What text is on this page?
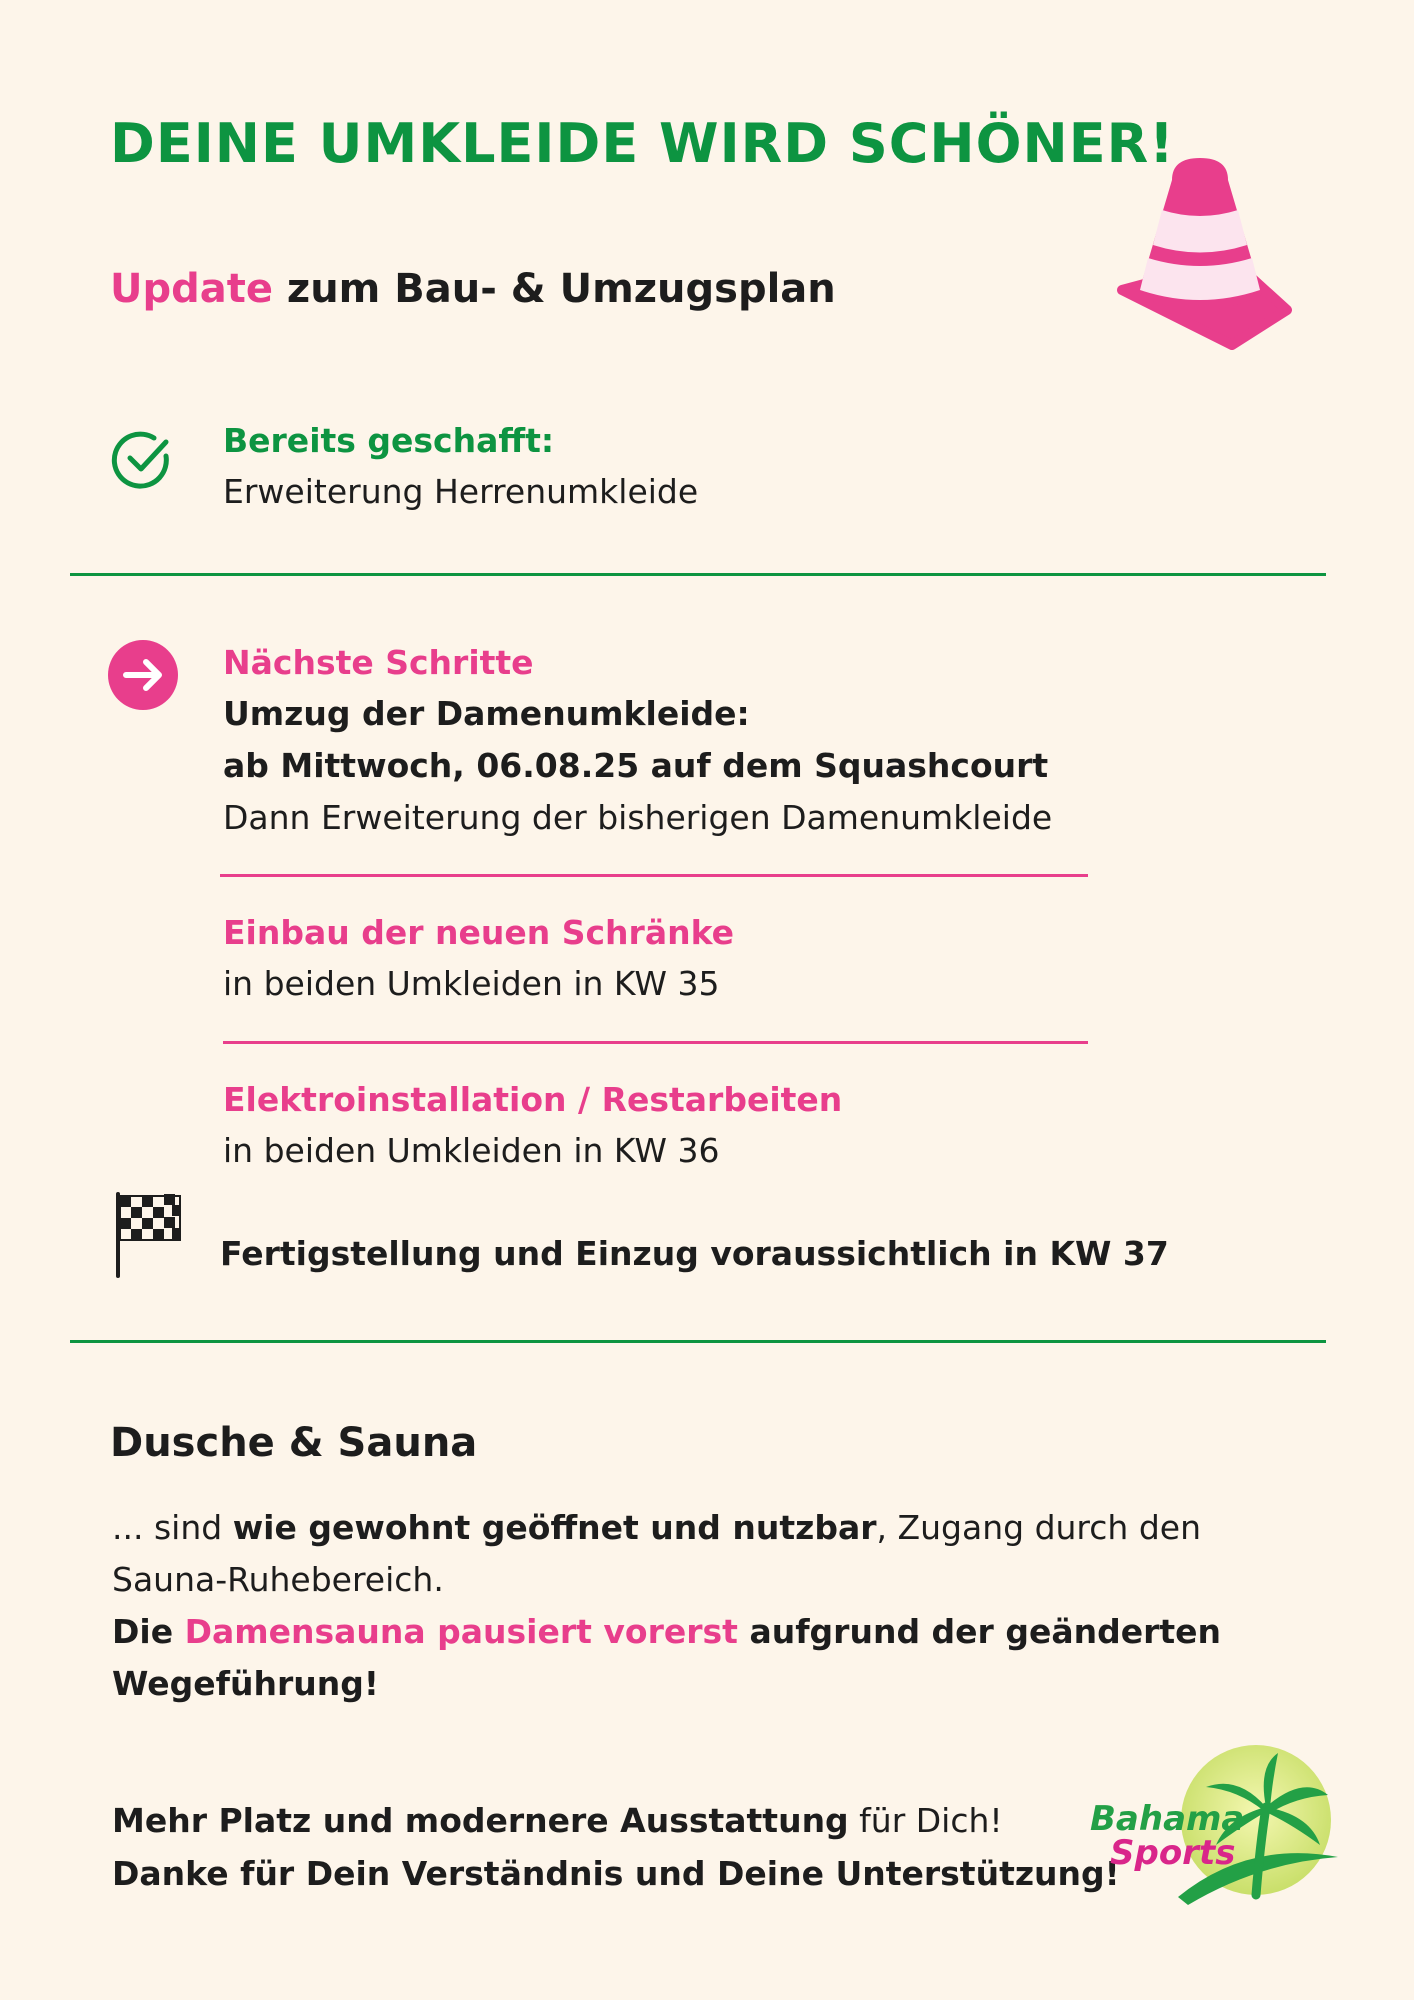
DEINE UMKLEIDE WIRD SCHÖNER!
Update zum Bau- & Umzugsplan
Bereits geschafft:
Erweiterung Herrenumkleide
Nächste Schritte
Umzug der Damenumkleide:
ab Mittwoch, 06.08.25 auf dem Squashcourt
Dann Erweiterung der bisherigen Damenumkleide
Einbau der neuen Schränke
in beiden Umkleiden in KW 35
Elektroinstallation / Restarbeiten
in beiden Umkleiden in KW 36
Fertigstellung und Einzug voraussichtlich in KW 37
Dusche & Sauna
... sind wie gewohnt geöffnet und nutzbar, Zugang durch den Sauna-Ruhebereich.
Die Damensauna pausiert vorerst aufgrund der geänderten Wegeführung!
Mehr Platz und modernere Ausstattung für Dich!
Danke für Dein Verständnis und Deine Unterstützung!
Bahama
Sports
